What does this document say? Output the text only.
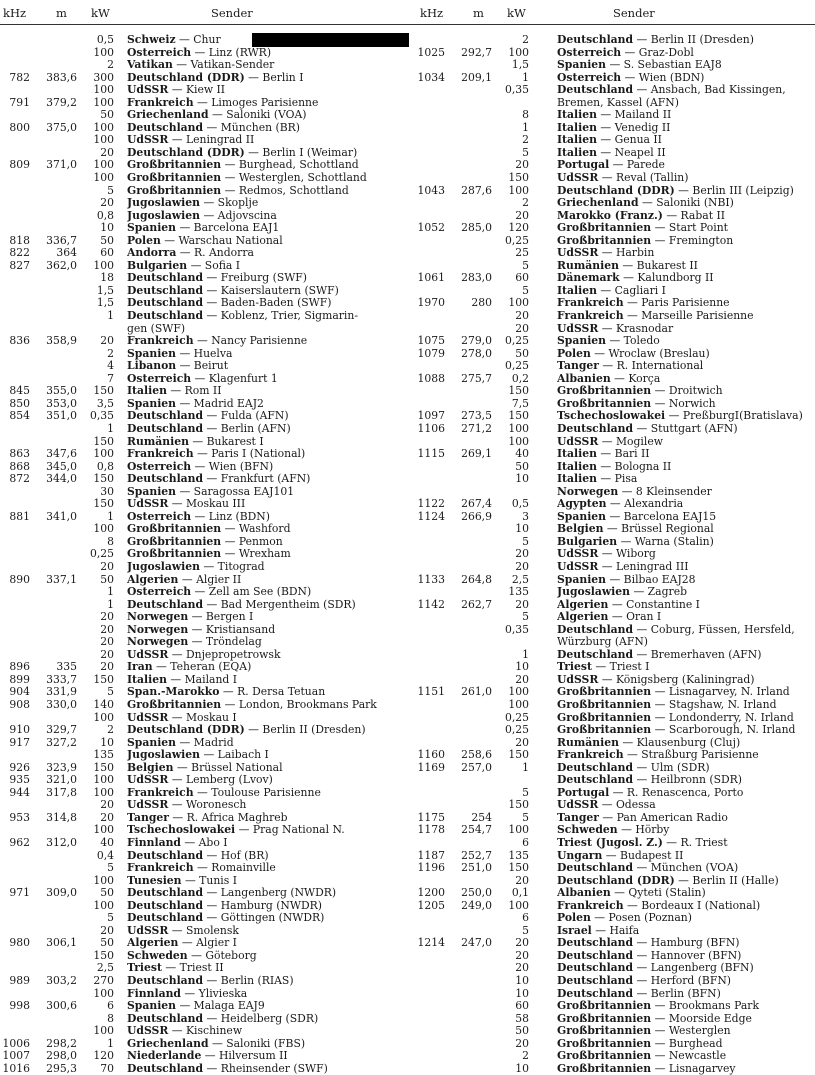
kHz	m kW	Sender	kHz	m kW	Sender
0,5 Schweiz — Chur
100 Österreich — Linz (RWR)
2 Vatikan — Vatikan-Sender
782	383,6	300 Deutschland (DDR) — Berlin I
100 UdSSR — Kiew II
791	379,2	100 Frankreich — Limoges Parisienne
50 Griechenland — Saloniki (VOA)
800	375,0	100 Deutschland — München (BR)
100 UdSSR — Leningrad II
20 Deutschland (DDR) — Berlin I (Weimar)
809	371,0	100 Großbritannien — Burghead, Schottland
100 Großbritannien — Westerglen, Schottland
5 Großbritannien — Redmos, Schottland
20 Jugoslawien — Skoplje
0,8 Jugoslawien — Adjovscina
10 Spanien — Barcelona EAJ1
818	336,7	50 Polen — Warschau National
822	364	60 Andorra — R. Andorra
827	362,0	100 Bulgarien — Sofia I
18 Deutschland — Freiburg (SWF)
1,5 Deutschland — Kaiserslautern (SWF)
1,5 Deutschland — Baden-Baden (SWF)
1 Deutschland — Koblenz, Trier, Sigmarin-
gen (SWF)
836	358,9	20 Frankreich — Nancy Parisienne
2 Spanien — Huelva
4 Libanon — Beirut
7 Österreich — Klagenfurt 1
845	355,0	150 Italien — Rom II
850	353,0	3,5 Spanien — Madrid EAJ2
854	351,0	0,35 Deutschland — Fulda (AFN)
1 Deutschland — Berlin (AFN)
150 Rumänien — Bukarest I
863	347,6	100 Frankreich — Paris I (National)
868	345,0	0,8 Österreich — Wien (BFN)
872	344,0	150 Deutschland — Frankfurt (AFN)
30 Spanien — Saragossa EAJ101
150 UdSSR — Moskau III
881	341,0	1 Österreich — Linz (BDN)
100 Großbritannien — Washford
8 Großbritannien — Penmon
0,25 Großbritannien — Wrexham
20 Jugoslawien — Titograd
890	337,1	50 Algerien — Algier II
1 Österreich — Zell am See (BDN)
1 Deutschland — Bad Mergentheim (SDR)
20 Norwegen — Bergen I
20 Norwegen — Kristiansand
20 Norwegen — Tröndelag
20 UdSSR — Dnjepropetrowsk
896	335	20 Iran — Teheran (EQA)
899	333,7	150 Italien — Mailand I
904	331,9	5 Span.-Marokko — R. Dersa Tetuan
908	330,0	140 Großbritannien — London, Brookmans Park
100 UdSSR — Moskau I
910	329,7	2 Deutschland (DDR) — Berlin II (Dresden)
917	327,2	10 Spanien — Madrid
135 Jugoslawien — Laibach I
926	323,9	150 Belgien — Brüssel National
935	321,0	100 UdSSR — Lemberg (Lvov)
944	317,8	100 Frankreich — Toulouse Parisienne
20 UdSSR — Woronesch
953	314,8	20 Tanger — R. Africa Maghreb
100 Tschechoslowakei — Prag National N.
962	312,0	40 Finnland — Abo I
0,4 Deutschland — Hof (BR)
5 Frankreich — Romainville
100 Tunesien — Tunis I
971	309,0	50 Deutschland — Langenberg (NWDR)
100 Deutschland — Hamburg (NWDR)
5 Deutschland — Göttingen (NWDR)
20 UdSSR — Smolensk
980	306,1	50 Algerien — Algier I
150 Schweden — Göteborg
2,5 Triest — Triest II
989	303,2	270 Deutschland — Berlin (RIAS)
100 Finnland — Ylivieska
998	300,6	6 Spanien — Malaga EAJ9
8 Deutschland — Heidelberg (SDR)
100 UdSSR — Kischinew
1006	298,2	1 Griechenland — Saloniki (FBS)
1007	298,0	120 Niederlande — Hilversum II
1016	295,3	70 Deutschland — Rheinsender (SWF)
2	Deutschland — Berlin II (Dresden)
1025	292,7	100	Österreich — Graz-Dobl
1,5	Spanien — S. Sebastian EAJ8
1034	209,1	1	Österreich — Wien (BDN)
0,35	Deutschland — Ansbach, Bad Kissingen,
Bremen, Kassel (AFN)
8	Italien — Mailand II
1	Italien — Venedig II
2	Italien — Genua II
5	Italien — Neapel II
20	Portugal — Parede
150	UdSSR — Reval (Tallin)
1043	287,6	100	Deutschland (DDR) — Berlin III (Leipzig)
2	Griechenland — Saloniki (NBI)
20	Marokko (Franz.) — Rabat II
1052	285,0	120	Großbritannien — Start Point
0,25	Großbritannien — Fremington
25	UdSSR — Harbin
5	Rumänien — Bukarest II
1061	283,0	60	Dänemark — Kalundborg II
5	Italien — Cagliari I
1970	280	100	Frankreich — Paris Parisienne
20	Frankreich — Marseille Parisienne
20	UdSSR — Krasnodar
1075	279,0	0,25	Spanien — Toledo
1079	278,0	50	Polen — Wroclaw (Breslau)
0,25	Tanger — R. International
1088	275,7	0,2	Albanien — Korça
150	Großbritannien — Droitwich
7,5	Großbritannien — Norwich
1097	273,5	150	Tschechoslowakei — PreßburgI(Bratislava)
1106	271,2	100	Deutschland — Stuttgart (AFN)
100	UdSSR — Mogilew
1115	269,1	40	Italien — Bari II
50	Italien — Bologna II
10	Italien — Pisa
Norwegen — 8 Kleinsender
1122	267,4	0,5	Ägypten — Alexandria
1124	266,9	3	Spanien — Barcelona EAJ15
10	Belgien — Brüssel Regional
5	Bulgarien — Warna (Stalin)
20	UdSSR — Wiborg
20	UdSSR — Leningrad III
1133	264,8	2,5	Spanien — Bilbao EAJ28
135	Jugoslawien — Zagreb
1142	262,7	20	Algerien — Constantine I
5	Algerien — Oran I
0,35	Deutschland — Coburg, Füssen, Hersfeld,
Würzburg (AFN)
1	Deutschland — Bremerhaven (AFN)
10	Triest — Triest I
20	UdSSR — Königsberg (Kaliningrad)
1151	261,0	100	Großbritannien — Lisnagarvey, N. Irland
100	Großbritannien — Stagshaw, N. Irland
0,25	Großbritannien — Londonderry, N. Irland
0,25	Großbritannien — Scarborough, N. Irland
20	Rumänien — Klausenburg (Cluj)
1160	258,6	150	Frankreich — Straßburg Parisienne
1169	257,0	1	Deutschland — Ulm (SDR)
Deutschland — Heilbronn (SDR)
5	Portugal — R. Renascenca, Porto
150	UdSSR — Odessa
1175	254	5	Tanger — Pan American Radio
1178	254,7	100	Schweden — Hörby
6	Triest (Jugosl. Z.) — R. Triest
1187	252,7	135	Ungarn — Budapest II
1196	251,0	150	Deutschland — München (VOA)
20	Deutschland (DDR) — Berlin II (Halle)
1200	250,0	0,1	Albanien — Qyteti (Stalin)
1205	249,0	100	Frankreich — Bordeaux I (National)
6	Polen — Posen (Poznan)
5	Israel — Haifa
1214	247,0	20	Deutschland — Hamburg (BFN)
20	Deutschland — Hannover (BFN)
20	Deutschland — Langenberg (BFN)
10	Deutschland — Herford (BFN)
10	Deutschland — Berlin (BFN)
60	Großbritannien — Brookmans Park
58	Großbritannien — Moorside Edge
50	Großbritannien — Westerglen
20	Großbritannien — Burghead
2	Großbritannien — Newcastle
10	Großbritannien — Lisnagarvey
